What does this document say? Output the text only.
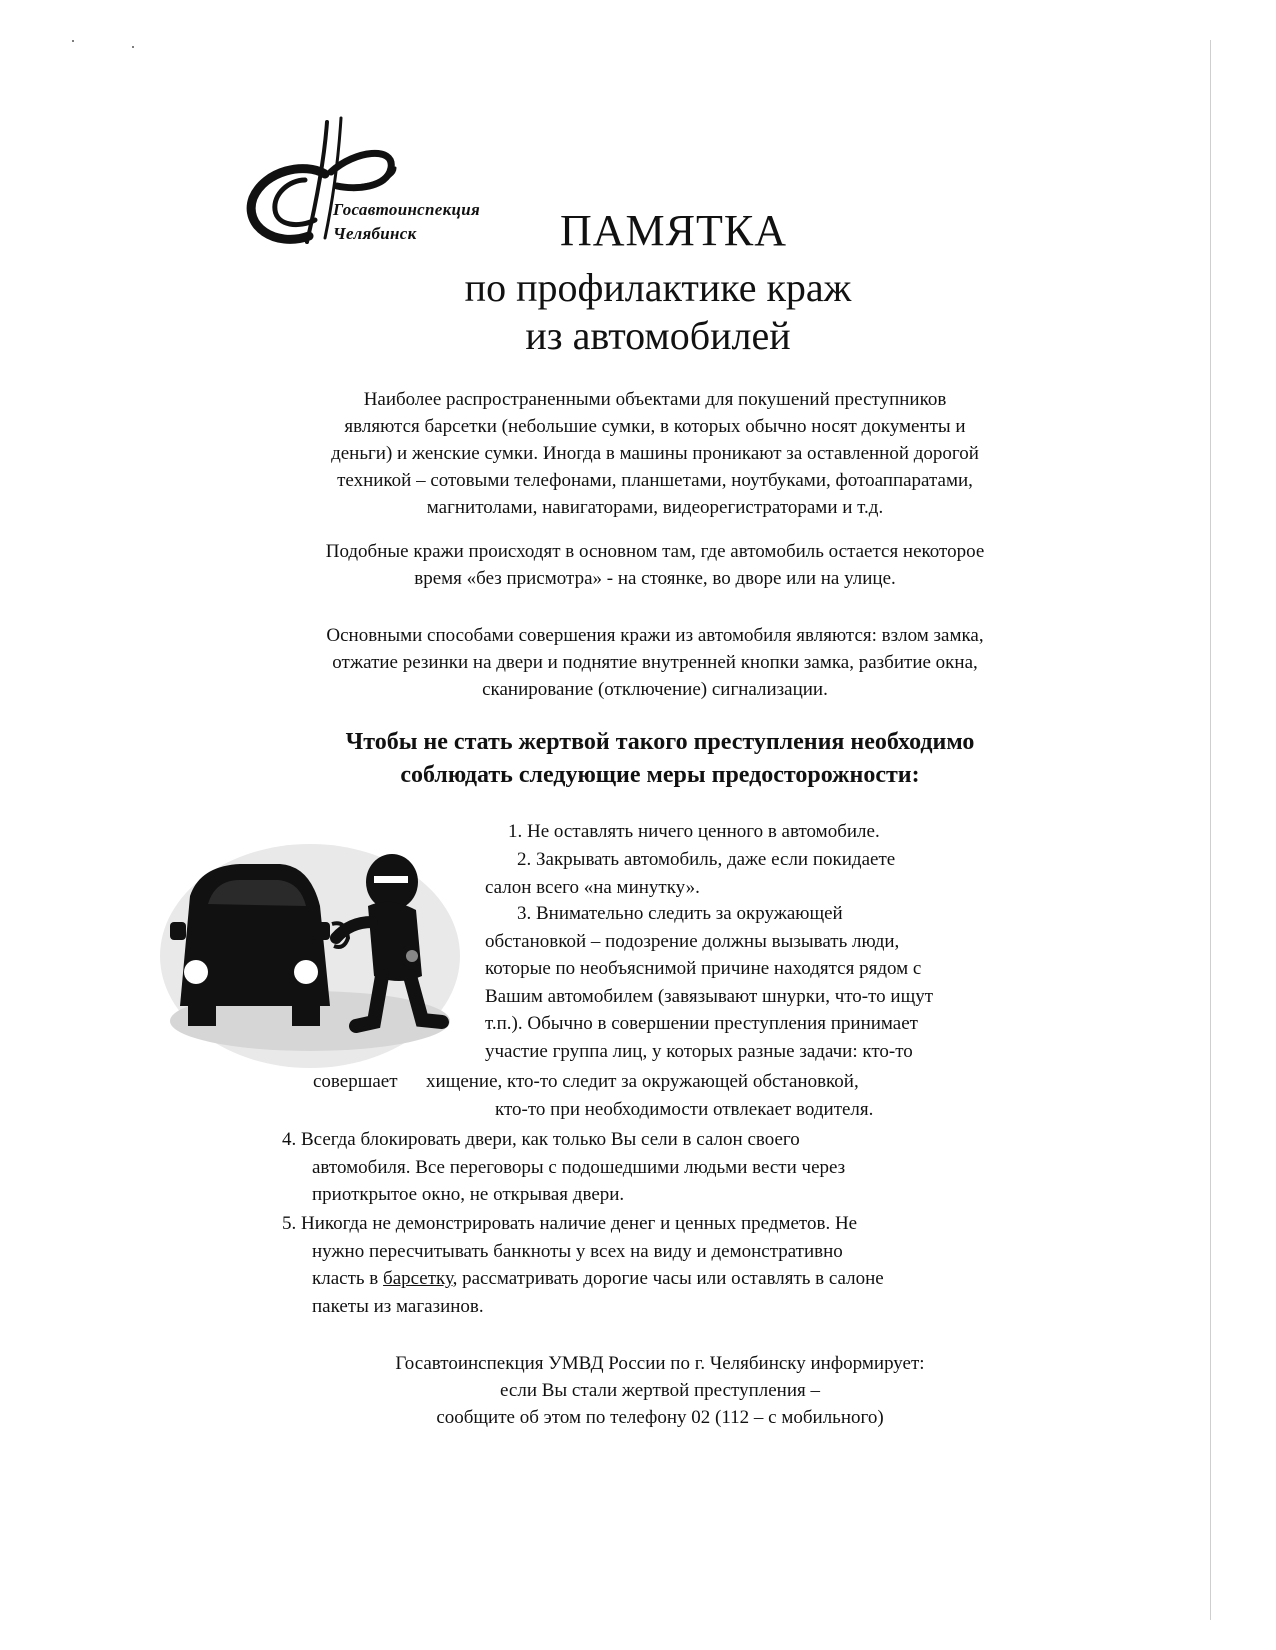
Госавтоинспекция
Челябинск	ПАМЯТКА
по профилактике краж
из автомобилей
Наиболее распространенными объектами для покушений преступников
являются барсетки (небольшие сумки, в которых обычно носят документы и
деньги) и женские сумки. Иногда в машины проникают за оставленной дорогой
техникой – сотовыми телефонами, планшетами, ноутбуками, фотоаппаратами,
магнитолами, навигаторами, видеорегистраторами и т.д.
Подобные кражи происходят в основном там, где автомобиль остается некоторое
время «без присмотра» - на стоянке, во дворе или на улице.
Основными способами совершения кражи из автомобиля являются: взлом замка,
отжатие резинки на двери и поднятие внутренней кнопки замка, разбитие окна,
сканирование (отключение) сигнализации.
Чтобы не стать жертвой такого преступления необходимо
соблюдать следующие меры предосторожности:
1. Не оставлять ничего ценного в автомобиле.
2. Закрывать автомобиль, даже если покидаете
салон всего «на минутку».
3. Внимательно следить за окружающей
обстановкой – подозрение должны вызывать люди,
которые по необъяснимой причине находятся рядом с
Вашим автомобилем (завязывают шнурки, что-то ищут
т.п.). Обычно в совершении преступления принимает
участие группа лиц, у которых разные задачи: кто-то
совершает      хищение, кто-то следит за окружающей обстановкой,
кто-то при необходимости отвлекает водителя.
4. Всегда блокировать двери, как только Вы сели в салон своего
автомобиля. Все переговоры с подошедшими людьми вести через
приоткрытое окно, не открывая двери.
5. Никогда не демонстрировать наличие денег и ценных предметов. Не
нужно пересчитывать банкноты у всех на виду и демонстративно
класть в барсетку, рассматривать дорогие часы или оставлять в салоне
пакеты из магазинов.
Госавтоинспекция УМВД России по г. Челябинску информирует:
если Вы стали жертвой преступления –
сообщите об этом по телефону 02 (112 – с мобильного)
